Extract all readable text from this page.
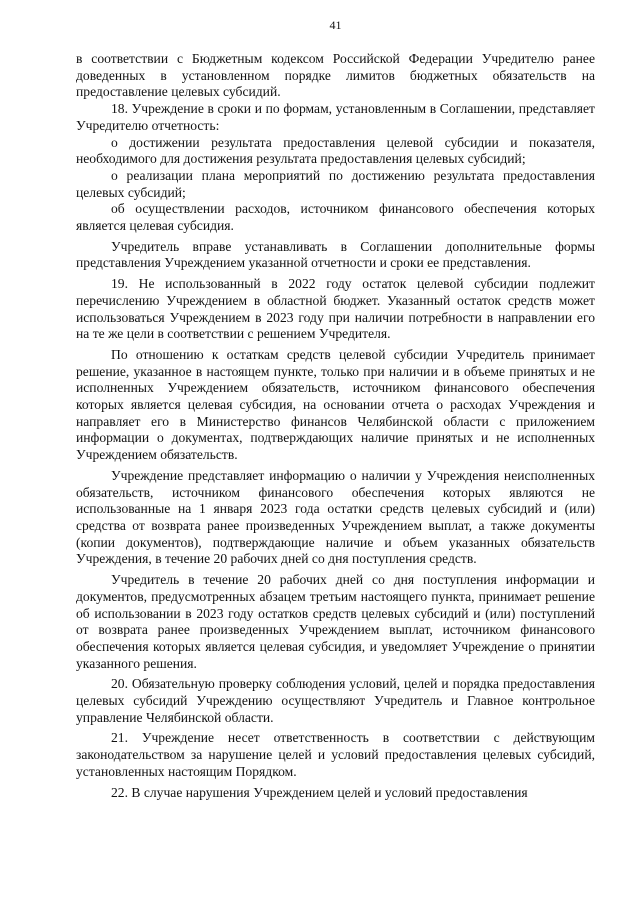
41

в соответствии с Бюджетным кодексом Российской Федерации Учредителю ранее доведенных в установленном порядке лимитов бюджетных обязательств на предоставление целевых субсидий.

18. Учреждение в сроки и по формам, установленным в Соглашении, представляет Учредителю отчетность:

о достижении результата предоставления целевой субсидии и показателя, необходимого для достижения результата предоставления целевых субсидий;

о реализации плана мероприятий по достижению результата предоставления целевых субсидий;

об осуществлении расходов, источником финансового обеспечения которых является целевая субсидия.

Учредитель вправе устанавливать в Соглашении дополнительные формы представления Учреждением указанной отчетности и сроки ее представления.

19. Не использованный в 2022 году остаток целевой субсидии подлежит перечислению Учреждением в областной бюджет. Указанный остаток средств может использоваться Учреждением в 2023 году при наличии потребности в направлении его на те же цели в соответствии с решением Учредителя.

По отношению к остаткам средств целевой субсидии Учредитель принимает решение, указанное в настоящем пункте, только при наличии и в объеме принятых и не исполненных Учреждением обязательств, источником финансового обеспечения которых является целевая субсидия, на основании отчета о расходах Учреждения и направляет его в Министерство финансов Челябинской области с приложением информации о документах, подтверждающих наличие принятых и не исполненных Учреждением обязательств.

Учреждение представляет информацию о наличии у Учреждения неисполненных обязательств, источником финансового обеспечения которых являются не использованные на 1 января 2023 года остатки средств целевых субсидий и (или) средства от возврата ранее произведенных Учреждением выплат, а также документы (копии документов), подтверждающие наличие и объем указанных обязательств Учреждения, в течение 20 рабочих дней со дня поступления средств.

Учредитель в течение 20 рабочих дней со дня поступления информации и документов, предусмотренных абзацем третьим настоящего пункта, принимает решение об использовании в 2023 году остатков средств целевых субсидий и (или) поступлений от возврата ранее произведенных Учреждением выплат, источником финансового обеспечения которых является целевая субсидия, и уведомляет Учреждение о принятии указанного решения.

20. Обязательную проверку соблюдения условий, целей и порядка предоставления целевых субсидий Учреждению осуществляют Учредитель и Главное контрольное управление Челябинской области.

21. Учреждение несет ответственность в соответствии с действующим законодательством за нарушение целей и условий предоставления целевых субсидий, установленных настоящим Порядком.

22. В случае нарушения Учреждением целей и условий предоставления
